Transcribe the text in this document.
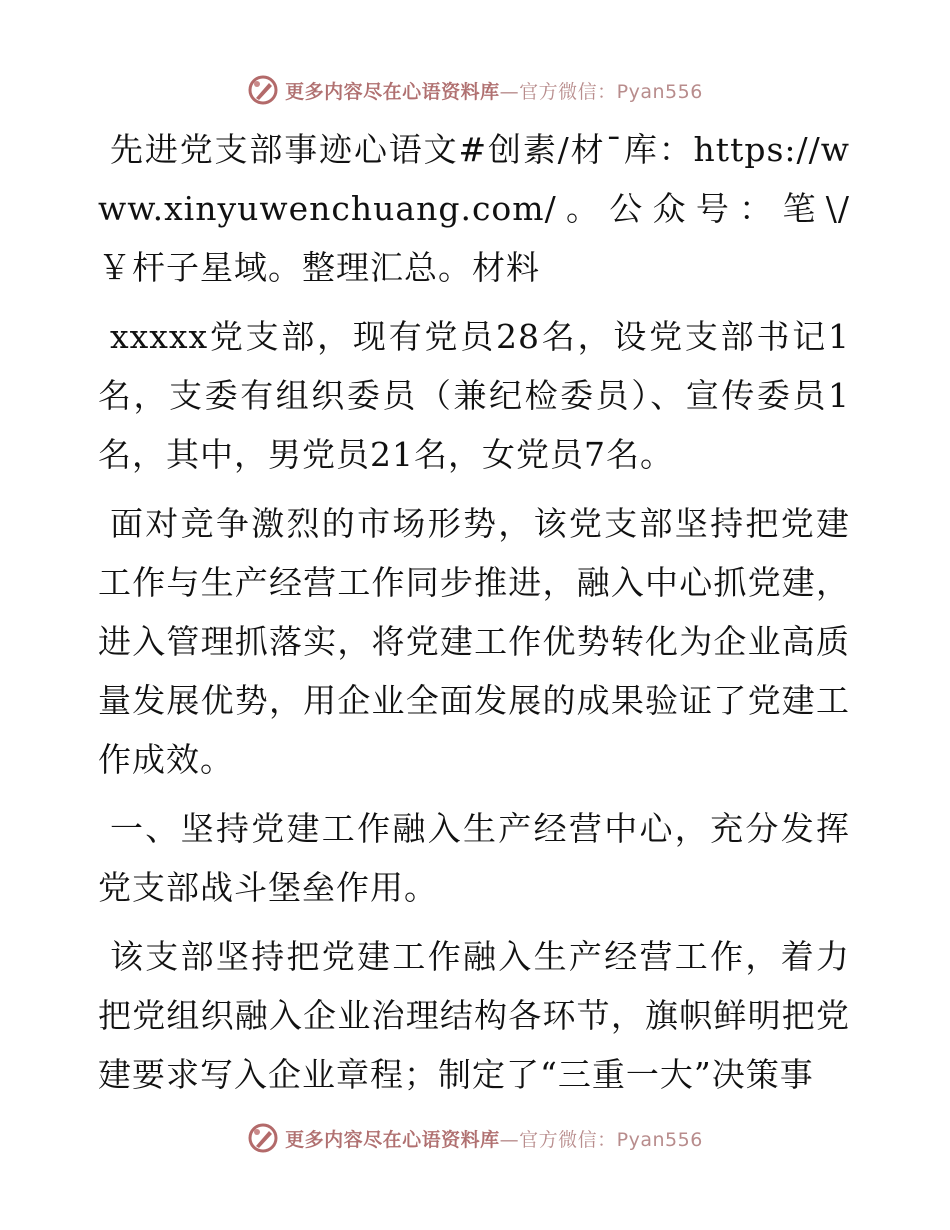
更多内容尽在心语资料库—官方微信：Pyan556

先进党支部事迹心语文#创素/材¯库：https://www.xinyuwenchuang.com/。公众号：笔\/￥杆子星域。整理汇总。材料

xxxxx党支部，现有党员28名，设党支部书记1名，支委有组织委员（兼纪检委员）、宣传委员1名，其中，男党员21名，女党员7名。

面对竞争激烈的市场形势，该党支部坚持把党建工作与生产经营工作同步推进，融入中心抓党建，进入管理抓落实，将党建工作优势转化为企业高质量发展优势，用企业全面发展的成果验证了党建工作成效。

一、坚持党建工作融入生产经营中心，充分发挥党支部战斗堡垒作用。

该支部坚持把党建工作融入生产经营工作，着力把党组织融入企业治理结构各环节，旗帜鲜明把党建要求写入企业章程；制定了“三重一大”决策事

更多内容尽在心语资料库—官方微信：Pyan556
